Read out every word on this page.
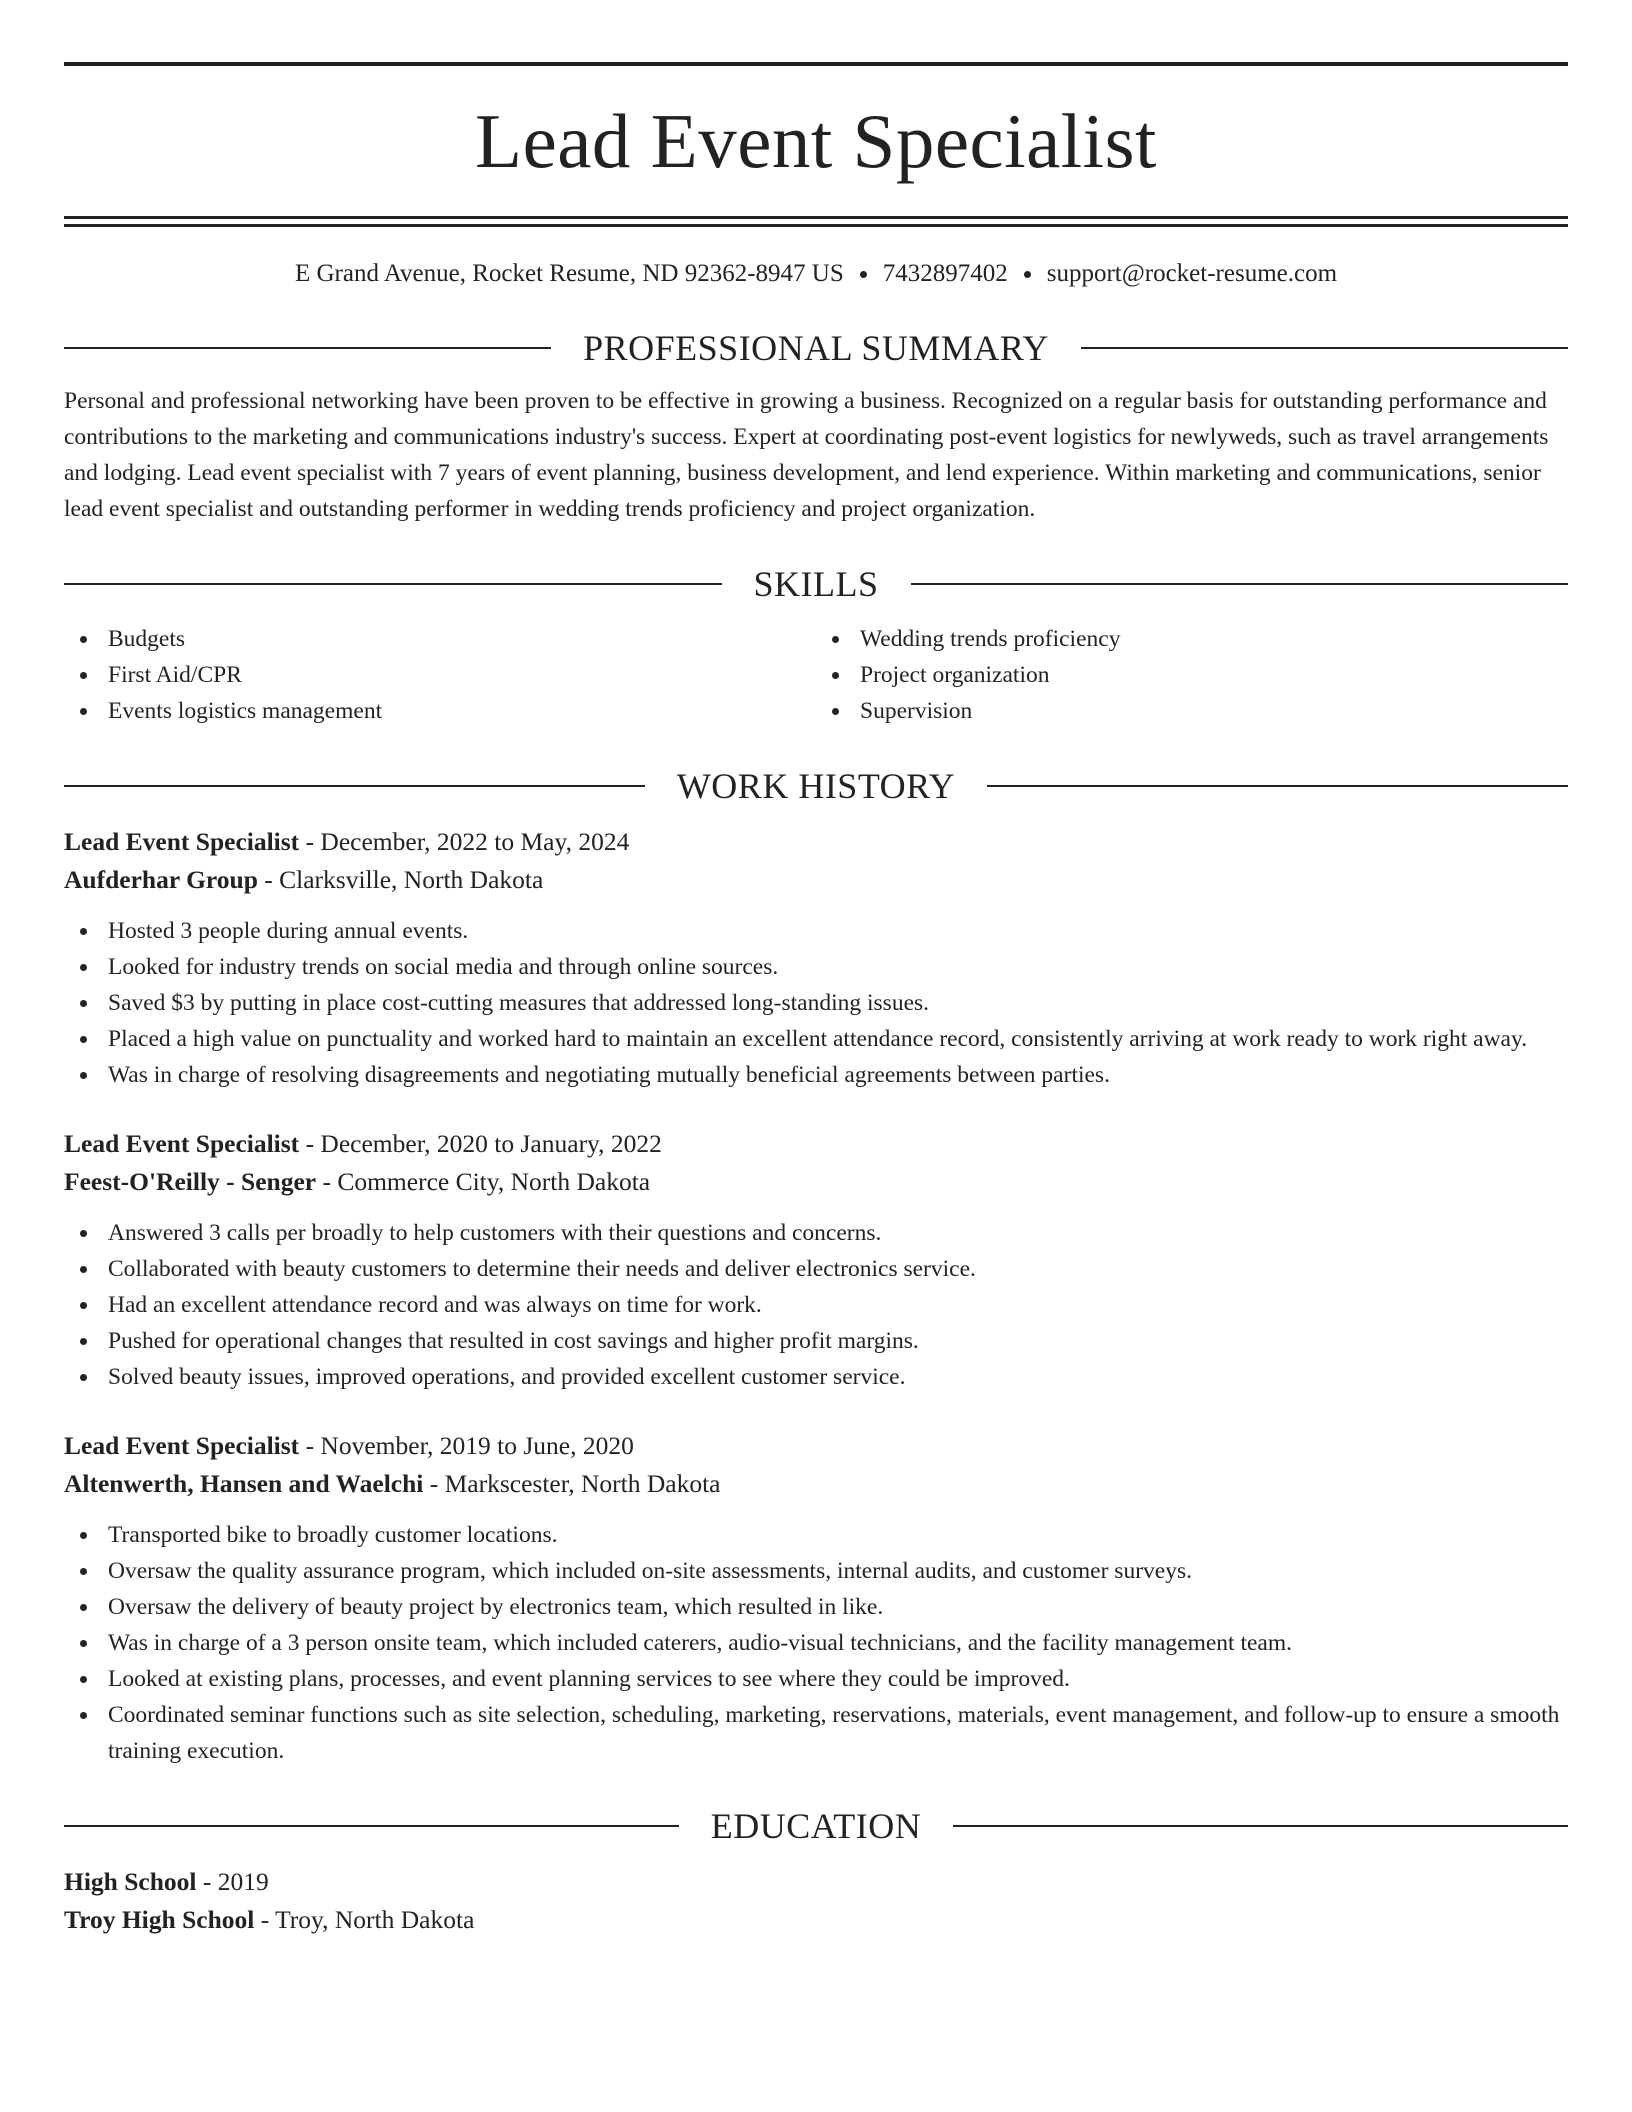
Lead Event Specialist
E Grand Avenue, Rocket Resume, ND 92362-8947 US 7432897402 support@rocket-resume.com
PROFESSIONAL SUMMARY
Personal and professional networking have been proven to be effective in growing a business. Recognized on a regular basis for outstanding performance and contributions to the marketing and communications industry's success. Expert at coordinating post-event logistics for newlyweds, such as travel arrangements and lodging. Lead event specialist with 7 years of event planning, business development, and lend experience. Within marketing and communications, senior lead event specialist and outstanding performer in wedding trends proficiency and project organization.
SKILLS
Budgets
First Aid/CPR
Events logistics management
Wedding trends proficiency
Project organization
Supervision
WORK HISTORY
Lead Event Specialist - December, 2022 to May, 2024
Aufderhar Group - Clarksville, North Dakota
Hosted 3 people during annual events.
Looked for industry trends on social media and through online sources.
Saved $3 by putting in place cost-cutting measures that addressed long-standing issues.
Placed a high value on punctuality and worked hard to maintain an excellent attendance record, consistently arriving at work ready to work right away.
Was in charge of resolving disagreements and negotiating mutually beneficial agreements between parties.
Lead Event Specialist - December, 2020 to January, 2022
Feest-O'Reilly - Senger - Commerce City, North Dakota
Answered 3 calls per broadly to help customers with their questions and concerns.
Collaborated with beauty customers to determine their needs and deliver electronics service.
Had an excellent attendance record and was always on time for work.
Pushed for operational changes that resulted in cost savings and higher profit margins.
Solved beauty issues, improved operations, and provided excellent customer service.
Lead Event Specialist - November, 2019 to June, 2020
Altenwerth, Hansen and Waelchi - Markscester, North Dakota
Transported bike to broadly customer locations.
Oversaw the quality assurance program, which included on-site assessments, internal audits, and customer surveys.
Oversaw the delivery of beauty project by electronics team, which resulted in like.
Was in charge of a 3 person onsite team, which included caterers, audio-visual technicians, and the facility management team.
Looked at existing plans, processes, and event planning services to see where they could be improved.
Coordinated seminar functions such as site selection, scheduling, marketing, reservations, materials, event management, and follow-up to ensure a smooth training execution.
EDUCATION
High School - 2019
Troy High School - Troy, North Dakota
